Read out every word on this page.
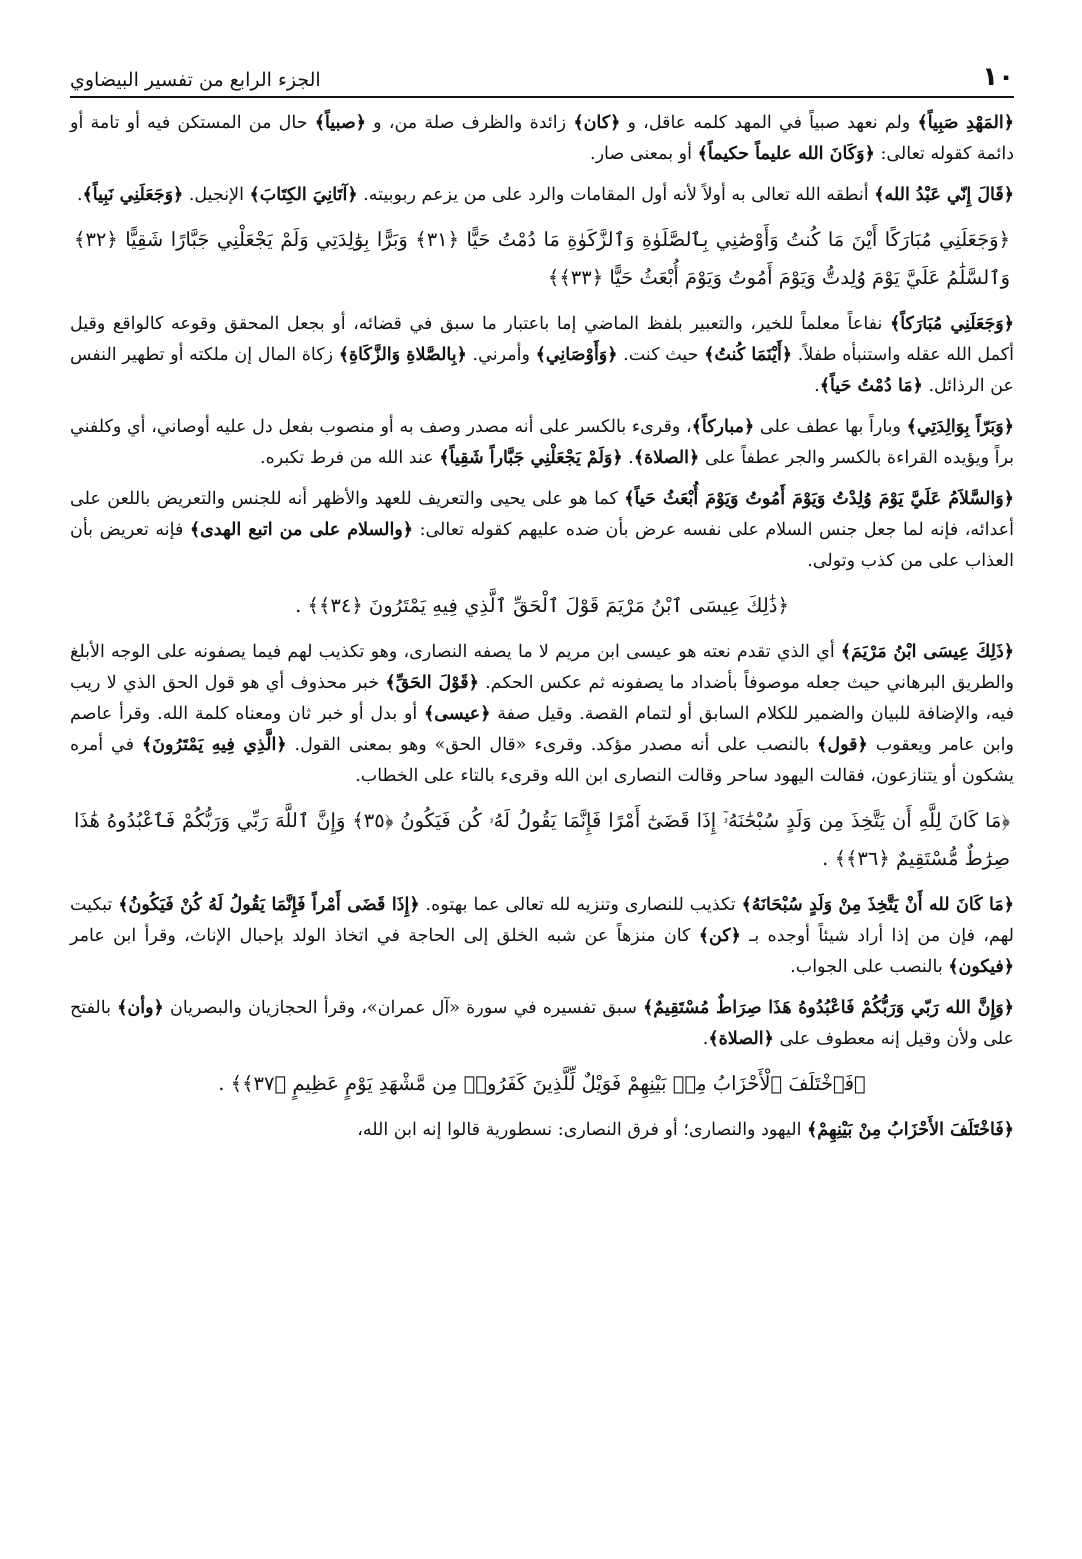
١٠
الجزء الرابع من تفسير البيضاوي

﴿المَهْدِ صَبِياً﴾ ولم نعهد صبياً في المهد كلمه عاقل، و ﴿كان﴾ زائدة والظرف صلة من، و ﴿صبياً﴾ حال من المستكن فيه أو تامة أو دائمة كقوله تعالى: ﴿وَكَانَ الله عليماً حكيماً﴾ أو بمعنى صار.

﴿قَالَ إِنّي عَبْدُ الله﴾ أنطقه الله تعالى به أولاً لأنه أول المقامات والرد على من يزعم ربوبيته. ﴿آتَانِيَ الكِتَابَ﴾ الإنجيل. ﴿وَجَعَلَنِي نَبِياً﴾.

﴿وَجَعَلَنِي مُبَارَكًا أَيْنَ مَا كُنتُ وَأَوْصَٰنِي بِٱلصَّلَوٰةِ وَٱلزَّكَوٰةِ مَا دُمْتُ حَيًّا ﴿٣١﴾ وَبَرًّا بِوَٰلِدَتِي وَلَمْ يَجْعَلْنِي جَبَّارًا شَقِيًّا ﴿٣٢﴾ وَٱلسَّلَٰمُ عَلَيَّ يَوْمَ وُلِدتُّ وَيَوْمَ أَمُوتُ وَيَوْمَ أُبْعَثُ حَيًّا ﴿٣٣﴾﴾

﴿وَجَعَلَنِي مُبَارَكاً﴾ نفاعاً معلماً للخير، والتعبير بلفظ الماضي إما باعتبار ما سبق في قضائه، أو بجعل المحقق وقوعه كالواقع وقيل أكمل الله عقله واستنبأه طفلاً. ﴿أَيْنَمَا كُنتُ﴾ حيث كنت. ﴿وَأَوْصَانِي﴾ وأمرني. ﴿بِالصَّلاةِ وَالزَّكَاةِ﴾ زكاة المال إن ملكته أو تطهير النفس عن الرذائل. ﴿مَا دُمْتُ حَياً﴾.

﴿وَبَرّاً بِوَالِدَتِي﴾ وباراً بها عطف على ﴿مباركاً﴾، وقرىء بالكسر على أنه مصدر وصف به أو منصوب بفعل دل عليه أوصاني، أي وكلفني براً ويؤيده القراءة بالكسر والجر عطفاً على ﴿الصلاة﴾. ﴿وَلَمْ يَجْعَلْنِي جَبَّاراً شَقِياً﴾ عند الله من فرط تكبره.

﴿وَالسَّلاَمُ عَلَيَّ يَوْمَ وُلِدْتُ وَيَوْمَ أَمُوتُ وَيَوْمَ أُبْعَثُ حَياً﴾ كما هو على يحيى والتعريف للعهد والأظهر أنه للجنس والتعريض باللعن على أعدائه، فإنه لما جعل جنس السلام على نفسه عرض بأن ضده عليهم كقوله تعالى: ﴿والسلام على من اتبع الهدى﴾ فإنه تعريض بأن العذاب على من كذب وتولى.

﴿ذَٰلِكَ عِيسَى ٱبْنُ مَرْيَمَ قَوْلَ ٱلْحَقِّ ٱلَّذِي فِيهِ يَمْتَرُونَ ﴿٣٤﴾﴾ .

﴿ذَلِكَ عِيسَى ابْنُ مَرْيَمَ﴾ أي الذي تقدم نعته هو عيسى ابن مريم لا ما يصفه النصارى، وهو تكذيب لهم فيما يصفونه على الوجه الأبلغ والطريق البرهاني حيث جعله موصوفاً بأضداد ما يصفونه ثم عكس الحكم. ﴿قَوْلَ الحَقِّ﴾ خبر محذوف أي هو قول الحق الذي لا ريب فيه، والإضافة للبيان والضمير للكلام السابق أو لتمام القصة. وقيل صفة ﴿عيسى﴾ أو بدل أو خبر ثان ومعناه كلمة الله. وقرأ عاصم وابن عامر ويعقوب ﴿قول﴾ بالنصب على أنه مصدر مؤكد. وقرىء «قال الحق» وهو بمعنى القول. ﴿الَّذِي فِيهِ يَمْتَرُونَ﴾ في أمره يشكون أو يتنازعون، فقالت اليهود ساحر وقالت النصارى ابن الله وقرىء بالتاء على الخطاب.

﴿مَا كَانَ لِلَّهِ أَن يَتَّخِذَ مِن وَلَدٍ سُبْحَٰنَهُۥٓ إِذَا قَضَىٰٓ أَمْرًا فَإِنَّمَا يَقُولُ لَهُۥ كُن فَيَكُونُ ﴿٣٥﴾ وَإِنَّ ٱللَّهَ رَبِّي وَرَبُّكُمْ فَٱعْبُدُوهُ هَٰذَا صِرَٰطٌ مُّسْتَقِيمٌ ﴿٣٦﴾﴾ .

﴿مَا كَانَ لله أَنْ يَتَّخِذَ مِنْ وَلَدٍ سُبْحَانَهُ﴾ تكذيب للنصارى وتنزيه لله تعالى عما بهتوه. ﴿إِذَا قَضَى أَمْراً فَإِنَّمَا يَقُولُ لَهُ كُنْ فَيَكُونُ﴾ تبكيت لهم، فإن من إذا أراد شيئاً أوجده بـ ﴿كن﴾ كان منزهاً عن شبه الخلق إلى الحاجة في اتخاذ الولد بإحبال الإناث، وقرأ ابن عامر ﴿فيكون﴾ بالنصب على الجواب.

﴿وَإِنَّ الله رَبّي وَرَبُّكُمْ فَاعْبُدُوهُ هَذَا صِرَاطٌ مُسْتَقِيمٌ﴾ سبق تفسيره في سورة «آل عمران»، وقرأ الحجازيان والبصريان ﴿وأن﴾ بالفتح على ولأن وقيل إنه معطوف على ﴿الصلاة﴾.

﴿فَٱخْتَلَفَ ٱلْأَحْزَابُ مِنۢ بَيْنِهِمْ فَوَيْلٌ لِّلَّذِينَ كَفَرُوا۟ مِن مَّشْهَدِ يَوْمٍ عَظِيمٍ ﴿٣٧﴾﴾ .

﴿فَاخْتَلَفَ الأَحْزَابُ مِنْ بَيْنِهِمْ﴾ اليهود والنصارى؛ أو فرق النصارى: نسطورية قالوا إنه ابن الله،
